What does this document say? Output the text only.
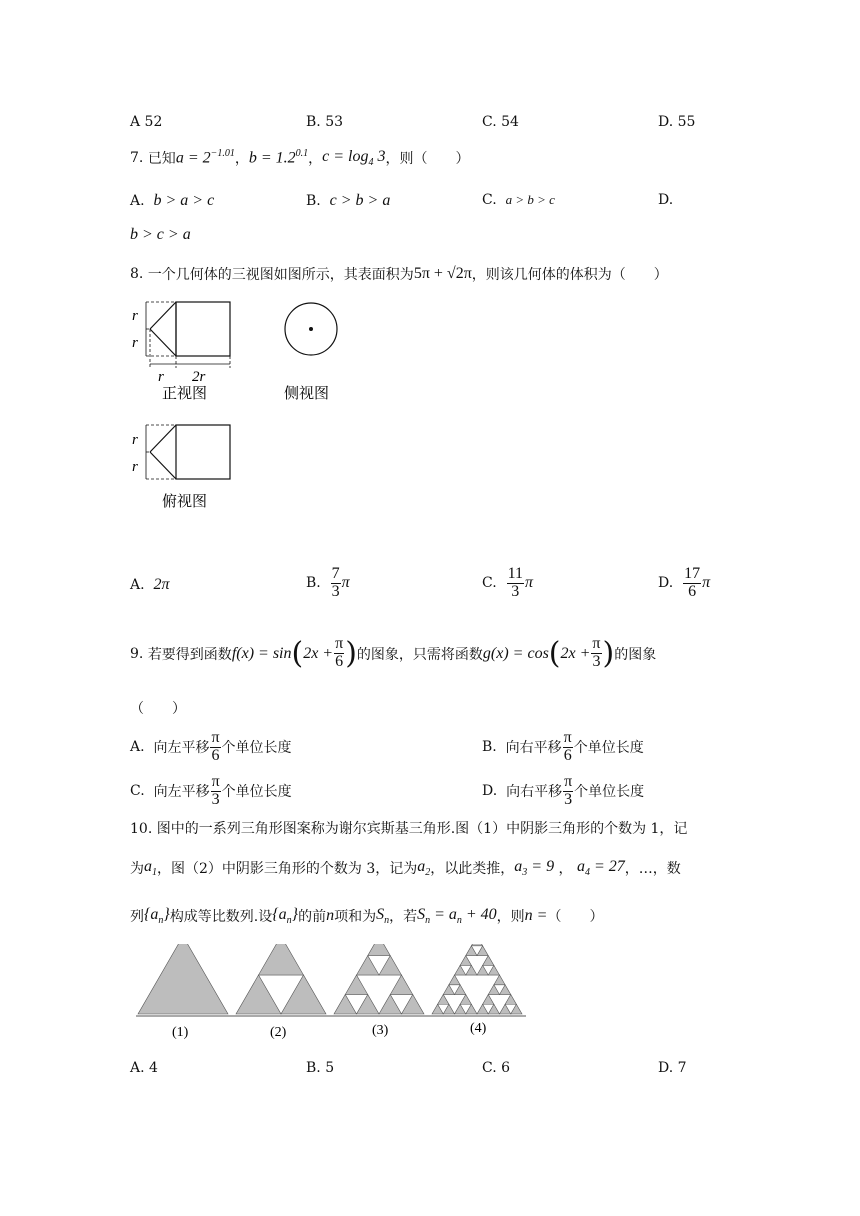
A 52	B. 53	C. 54	D. 55
7.
已知 $a = 2^{-1.01}$ ， $b = 1.2^{0.1}$ ， $c = \log_4 3$ ，则（　　）
A. b > a > c	B. c > b > a	C. a > b > c	D.
b > c > a
8.
一个几何体的三视图如图所示，其表面积为 5π + √2π ，则该几何体的体积为（　　）
r
r
r 2r
正视图	侧视图
r
r
俯视图
A.
2π	B.
$\frac{7}{3}$ π	C.
$\frac{11}{3}$ π	D.
$\frac{17}{6}$ π
9.
若要得到函数 f(x) = sin ( $2x + \frac{\pi}{6}$ ) 的图象，只需将函数 g(x) = cos ( $2x + \frac{\pi}{3}$ ) 的图象
（　　）
A.
向左平移 $\frac{\pi}{6}$ 个单位长度	B.
向右平移 $\frac{\pi}{6}$ 个单位长度
C.
向左平移 $\frac{\pi}{3}$ 个单位长度	D.
向右平移 $\frac{\pi}{3}$ 个单位长度
10. 图中的一系列三角形图案称为谢尔宾斯基三角形.图（1）中阴影三角形的个数为 1，记
为 $a_1$ ，图（2）中阴影三角形的个数为 3，记为 $a_2$ ，以此类推， $a_3 = 9$ ， $a_4 = 27$ ，…，数
列 $\{a_n\}$ 构成等比数列.设 $\{a_n\}$ 的前 n 项和为 $S_n$ ，若 $S_n = a_n + 40$ ，则 n = （　　）
(1)	(2)	(3)	(4)
A. 4	B. 5	C. 6	D. 7
